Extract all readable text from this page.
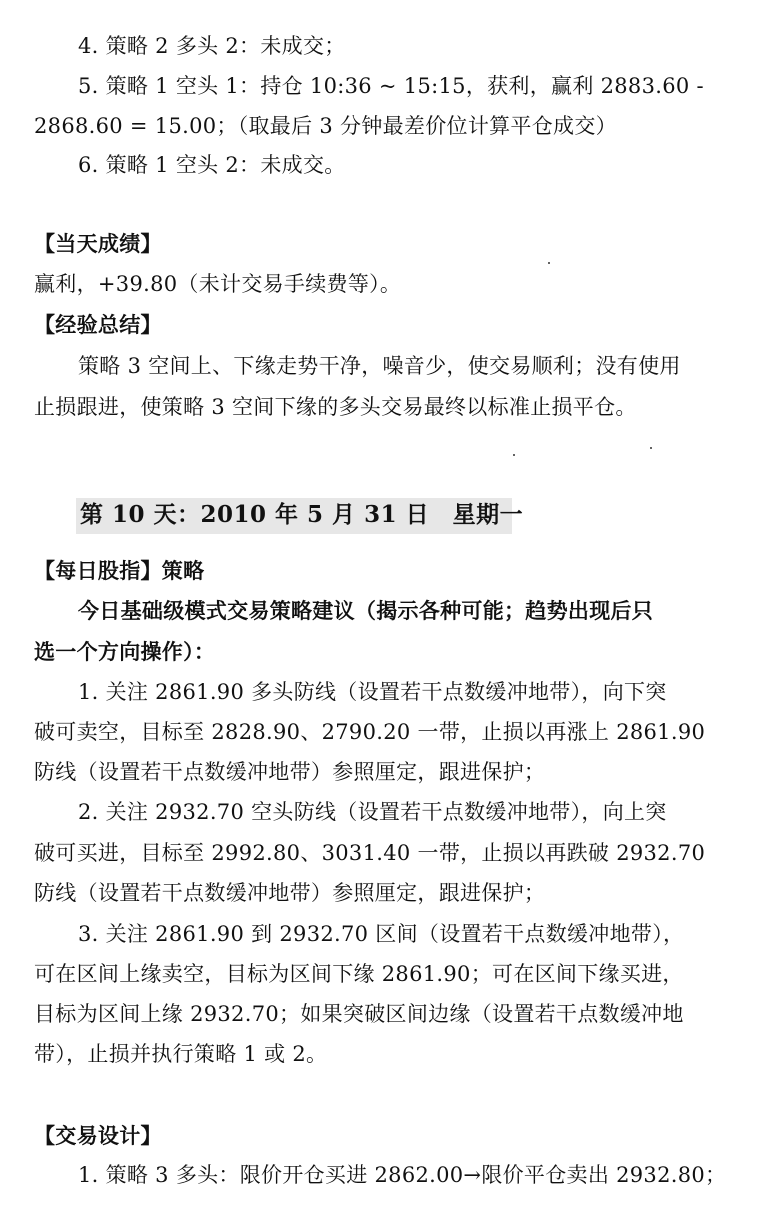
4. 策略 2 多头 2：未成交；
5. 策略 1 空头 1：持仓 10:36 ~ 15:15，获利，赢利 2883.60 -
2868.60 = 15.00；（取最后 3 分钟最差价位计算平仓成交）
6. 策略 1 空头 2：未成交。
【当天成绩】
赢利，+39.80（未计交易手续费等）。
【经验总结】
策略 3 空间上、下缘走势干净，噪音少，使交易顺利；没有使用
止损跟进，使策略 3 空间下缘的多头交易最终以标准止损平仓。
第 10 天：2010 年 5 月 31 日　星期一
【每日股指】策略
今日基础级模式交易策略建议（揭示各种可能；趋势出现后只
选一个方向操作）：
1. 关注 2861.90 多头防线（设置若干点数缓冲地带），向下突
破可卖空，目标至 2828.90、2790.20 一带，止损以再涨上 2861.90
防线（设置若干点数缓冲地带）参照厘定，跟进保护；
2. 关注 2932.70 空头防线（设置若干点数缓冲地带），向上突
破可买进，目标至 2992.80、3031.40 一带，止损以再跌破 2932.70
防线（设置若干点数缓冲地带）参照厘定，跟进保护；
3. 关注 2861.90 到 2932.70 区间（设置若干点数缓冲地带），
可在区间上缘卖空，目标为区间下缘 2861.90；可在区间下缘买进，
目标为区间上缘 2932.70；如果突破区间边缘（设置若干点数缓冲地
带），止损并执行策略 1 或 2。
【交易设计】
1. 策略 3 多头：限价开仓买进 2862.00→限价平仓卖出 2932.80；
